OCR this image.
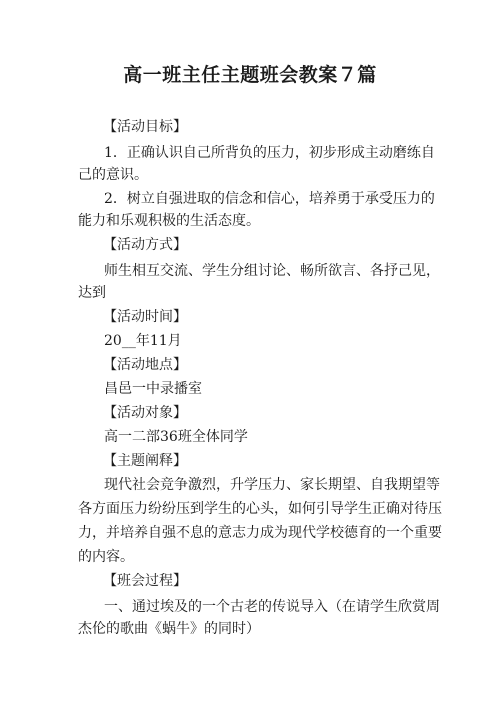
高一班主任主题班会教案７篇
【活动目标】
1．正确认识自己所背负的压力，初步形成主动磨练自
己的意识。
2．树立自强进取的信念和信心，培养勇于承受压力的
能力和乐观积极的生活态度。
【活动方式】
师生相互交流、学生分组讨论、畅所欲言、各抒己见，
达到
【活动时间】
20__年11月
【活动地点】
昌邑一中录播室
【活动对象】
高一二部36班全体同学
【主题阐释】
现代社会竞争激烈，升学压力、家长期望、自我期望等
各方面压力纷纷压到学生的心头，如何引导学生正确对待压
力，并培养自强不息的意志力成为现代学校德育的一个重要
的内容。
【班会过程】
一、通过埃及的一个古老的传说导入（在请学生欣赏周
杰伦的歌曲《蜗牛》的同时）
